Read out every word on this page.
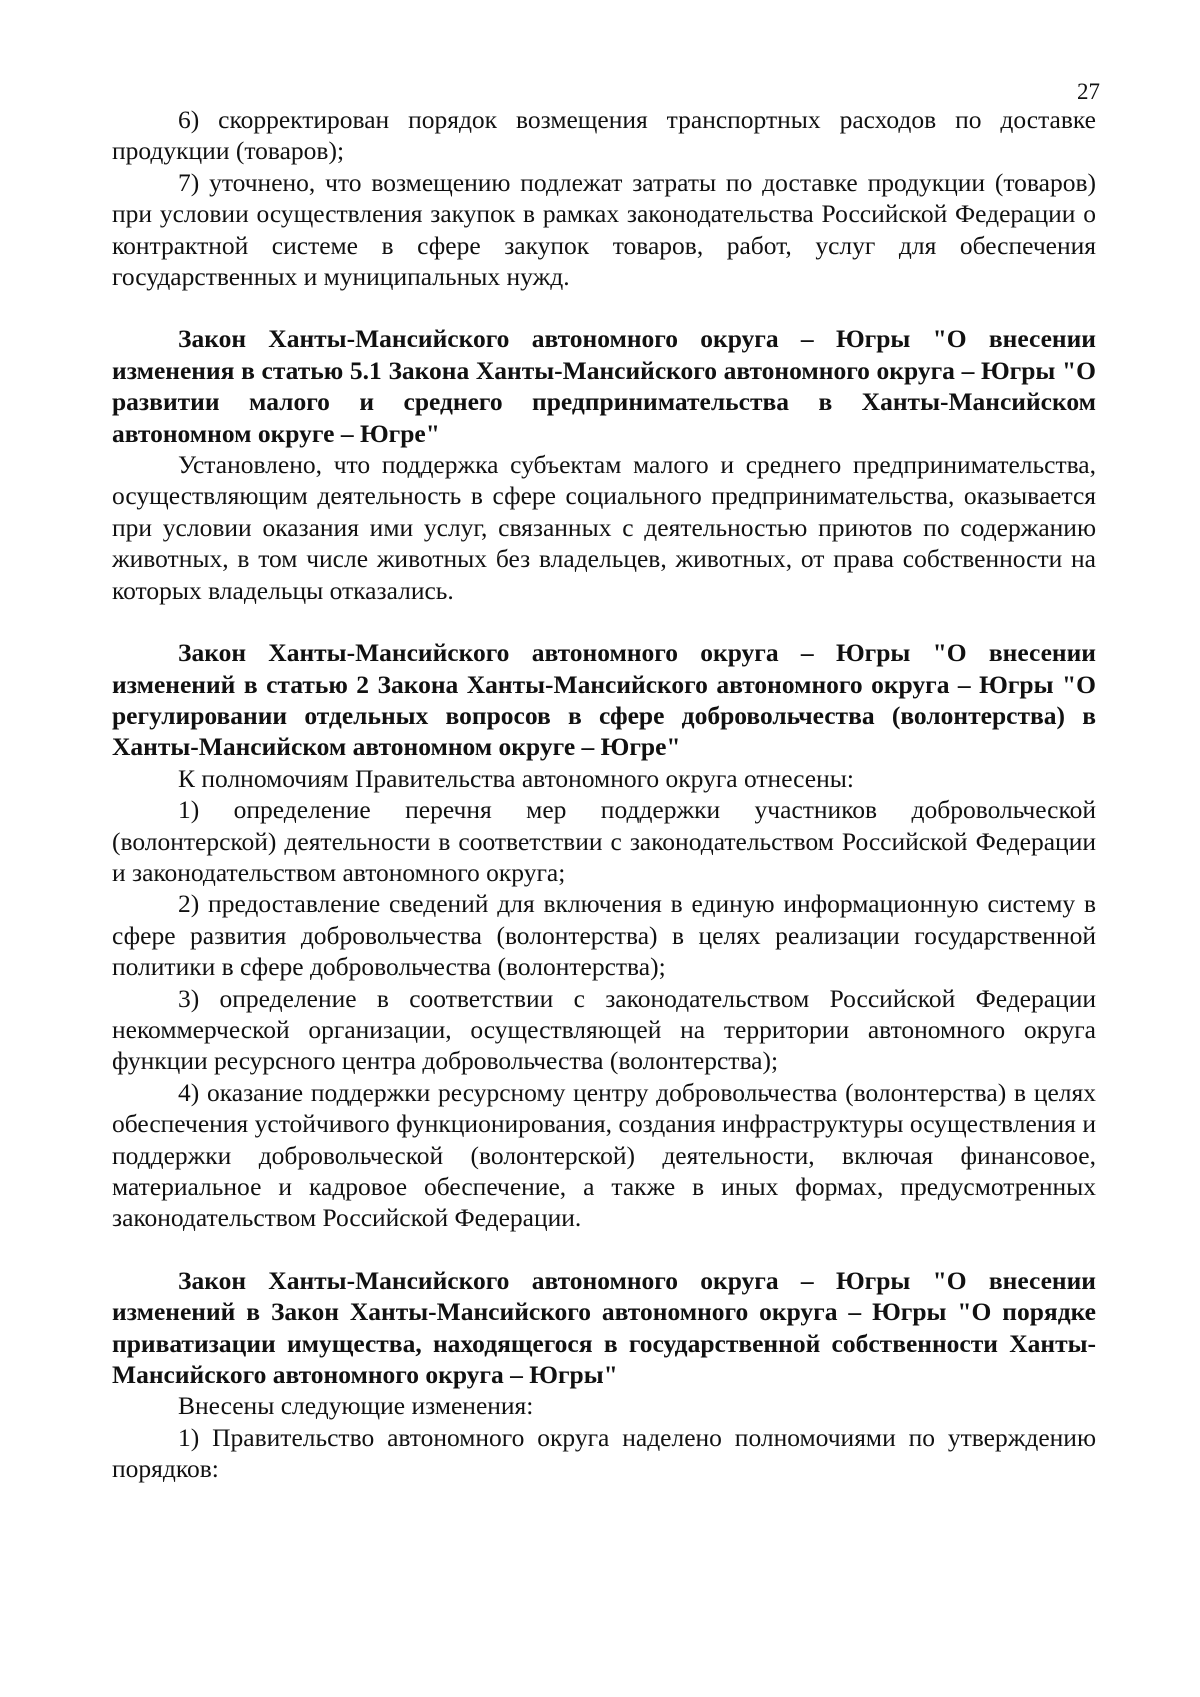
27

6) скорректирован порядок возмещения транспортных расходов по доставке продукции (товаров);

7) уточнено, что возмещению подлежат затраты по доставке продукции (товаров) при условии осуществления закупок в рамках законодательства Российской Федерации о контрактной системе в сфере закупок товаров, работ, услуг для обеспечения государственных и муниципальных нужд.

Закон Ханты-Мансийского автономного округа – Югры "О внесении изменения в статью 5.1 Закона Ханты-Мансийского автономного округа – Югры "О развитии малого и среднего предпринимательства в Ханты-Мансийском автономном округе – Югре"

Установлено, что поддержка субъектам малого и среднего предпринимательства, осуществляющим деятельность в сфере социального предпринимательства, оказывается при условии оказания ими услуг, связанных с деятельностью приютов по содержанию животных, в том числе животных без владельцев, животных, от права собственности на которых владельцы отказались.

Закон Ханты-Мансийского автономного округа – Югры "О внесении изменений в статью 2 Закона Ханты-Мансийского автономного округа – Югры "О регулировании отдельных вопросов в сфере добровольчества (волонтерства) в Ханты-Мансийском автономном округе – Югре"

К полномочиям Правительства автономного округа отнесены:

1) определение перечня мер поддержки участников добровольческой (волонтерской) деятельности в соответствии с законодательством Российской Федерации и законодательством автономного округа;

2) предоставление сведений для включения в единую информационную систему в сфере развития добровольчества (волонтерства) в целях реализации государственной политики в сфере добровольчества (волонтерства);

3) определение в соответствии с законодательством Российской Федерации некоммерческой организации, осуществляющей на территории автономного округа функции ресурсного центра добровольчества (волонтерства);

4) оказание поддержки ресурсному центру добровольчества (волонтерства) в целях обеспечения устойчивого функционирования, создания инфраструктуры осуществления и поддержки добровольческой (волонтерской) деятельности, включая финансовое, материальное и кадровое обеспечение, а также в иных формах, предусмотренных законодательством Российской Федерации.

Закон Ханты-Мансийского автономного округа – Югры "О внесении изменений в Закон Ханты-Мансийского автономного округа – Югры "О порядке приватизации имущества, находящегося в государственной собственности Ханты-Мансийского автономного округа – Югры"

Внесены следующие изменения:

1) Правительство автономного округа наделено полномочиями по утверждению порядков:
